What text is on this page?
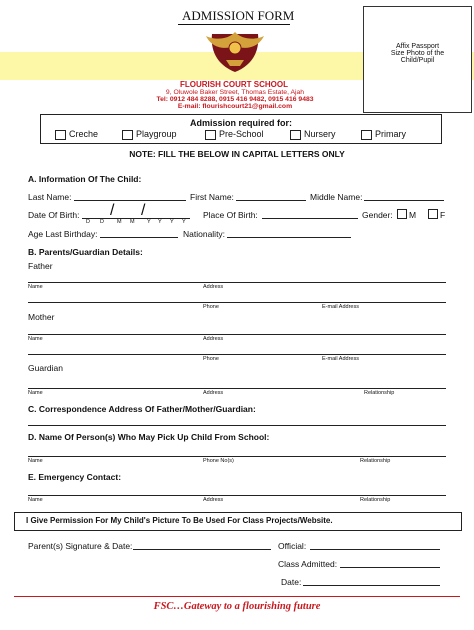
ADMISSION FORM
Affix Passport
Size Photo of the
Child/Pupil
FLOURISH COURT SCHOOL
9, Oluwole Baker Street, Thomas Estate, Ajah
Tel: 0912 484 8288, 0915 416 9482, 0915 416 9483
E-mail: flourishcourt21@gmail.com
Admission required for:
Creche	Playgroup	Pre-School	Nursery	Primary
NOTE: FILL THE BELOW IN CAPITAL LETTERS ONLY
A. Information Of The Child:
Last Name:	First Name:	Middle Name:
Date Of Birth: / /
D D M M Y Y Y Y
Place Of Birth:	Gender: M	F
Age Last Birthday:	Nationality:
B. Parents/Guardian Details:
Father
Name	Address
Phone	E-mail Address
Mother
Name	Address
Phone	E-mail Address
Guardian
Name	Address	Relationship
C. Correspondence Address Of Father/Mother/Guardian:
D. Name Of Person(s) Who May Pick Up Child From School:
Name	Phone No(s)	Relationship
E. Emergency Contact:
Name	Address	Relationship
I Give Permission For My Child's Picture To Be Used For Class Projects/Website.
Parent(s) Signature & Date:	Official:
Class Admitted:
Date:
FSC…Gateway to a flourishing future
